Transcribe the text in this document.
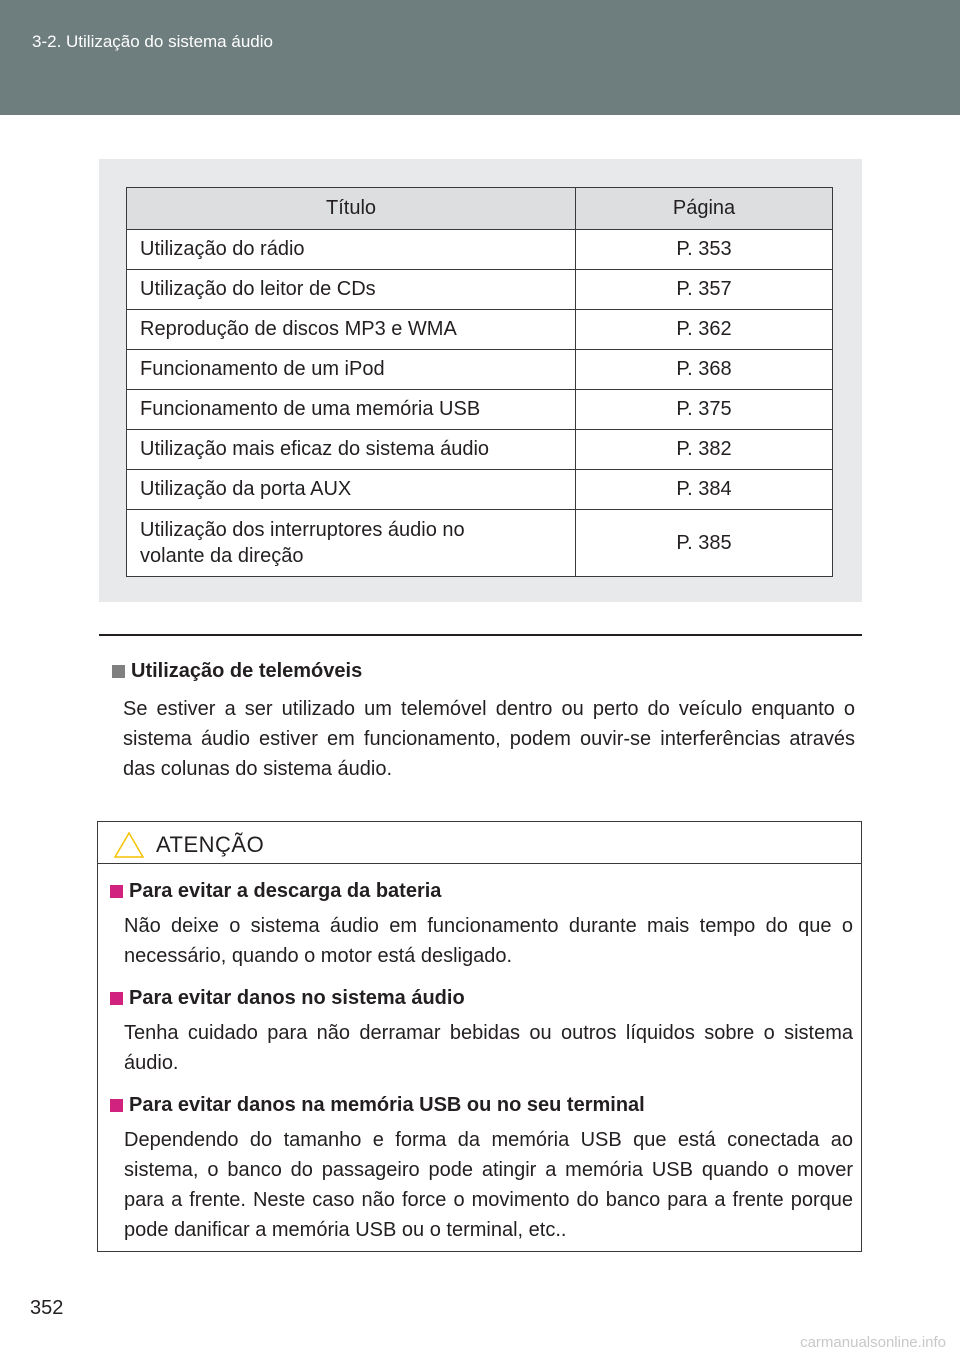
3-2. Utilização do sistema áudio
Título	Página
Utilização do rádio	P. 353
Utilização do leitor de CDs	P. 357
Reprodução de discos MP3 e WMA	P. 362
Funcionamento de um iPod	P. 368
Funcionamento de uma memória USB	P. 375
Utilização mais eficaz do sistema áudio	P. 382
Utilização da porta AUX	P. 384
Utilização dos interruptores áudio no
volante da direção	P. 385
Utilização de telemóveis
Se estiver a ser utilizado um telemóvel dentro ou perto do veículo enquanto o sistema áudio estiver em funcionamento, podem ouvir-se interferências através das colunas do sistema áudio.
ATENÇÃO
Para evitar a descarga da bateria
Não deixe o sistema áudio em funcionamento durante mais tempo do que o necessário, quando o motor está desligado.
Para evitar danos no sistema áudio
Tenha cuidado para não derramar bebidas ou outros líquidos sobre o sistema áudio.
Para evitar danos na memória USB ou no seu terminal
Dependendo do tamanho e forma da memória USB que está conectada ao sistema, o banco do passageiro pode atingir a memória USB quando o mover para a frente. Neste caso não force o movimento do banco para a frente porque pode danificar a memória USB ou o terminal, etc..
352
carmanualsonline.info
